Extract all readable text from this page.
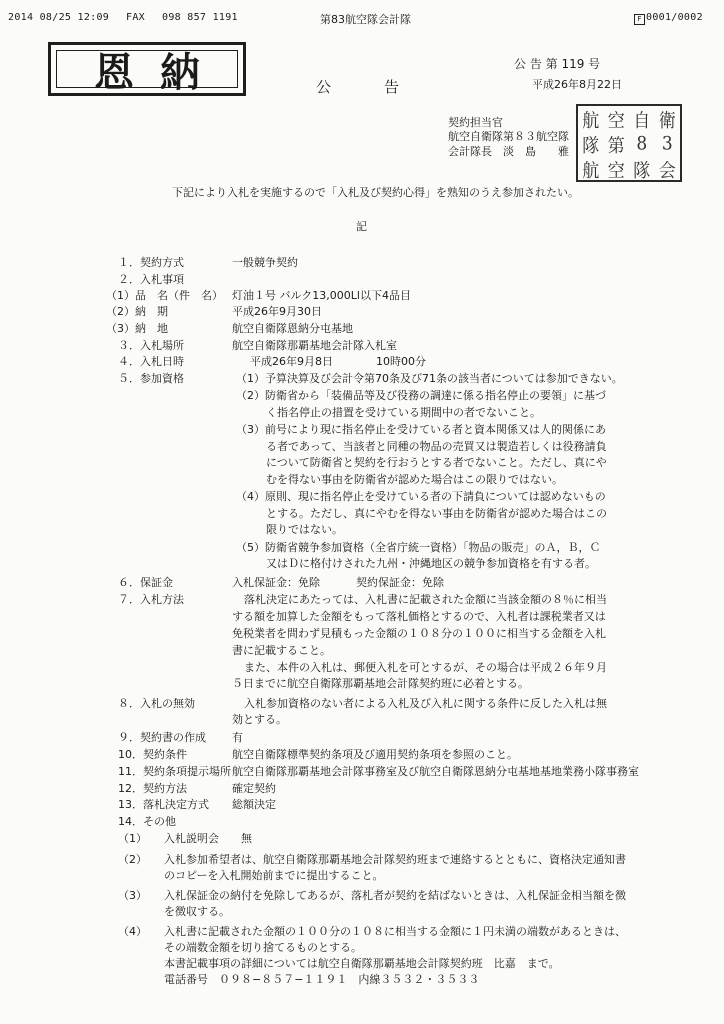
2014 08/25 12:09 FAX 098 857 1191	第83航空隊会計隊	F 0001/0002
恩納	公　　　告
公 告 第 119 号
平成26年8月22日
契約担当官
航空自衛隊第８３航空隊
会計隊長　淡　島　　雅
航 空 自 衛
隊 第 8 3
航 空 隊 会
下記により入札を実施するので「入札及び契約心得」を熟知のうえ参加されたい。
記
１．契約方式	一般競争契約
２．入札事項
（1）品　名（件　名） 灯油１号 バルク13,000Ll以下4品目
（2）納　期	平成26年9月30日
（3）納　地	航空自衛隊恩納分屯基地
３．入札場所	航空自衛隊那覇基地会計隊入札室
４．入札日時	平成26年9月8日	10時00分
５．参加資格	（1）予算決算及び会計令第70条及び71条の該当者については参加できない。
（2）防衛省から「装備品等及び役務の調達に係る指名停止の要領」に基づ
く指名停止の措置を受けている期間中の者でないこと。
（3）前号により現に指名停止を受けている者と資本関係又は人的関係にあ
る者であって、当該者と同種の物品の売買又は製造若しくは役務請負
について防衛省と契約を行おうとする者でないこと。ただし、真にや
むを得ない事由を防衛省が認めた場合はこの限りではない。
（4）原則、現に指名停止を受けている者の下請負については認めないもの
とする。ただし、真にやむを得ない事由を防衛省が認めた場合はこの
限りではない。
（5）防衛省競争参加資格（全省庁統一資格）「物品の販売」のＡ，Ｂ，Ｃ
又はＤに格付けされた九州・沖縄地区の競争参加資格を有する者。
６．保証金	入札保証金：免除	契約保証金：免除
７．入札方法	落札決定にあたっては、入札書に記載された金額に当該金額の８％に相当
する額を加算した金額をもって落札価格とするので、入札者は課税業者又は
免税業者を問わず見積もった金額の１０８分の１００に相当する金額を入札
書に記載すること。
また、本件の入札は、郵便入札を可とするが、その場合は平成２６年９月
５日までに航空自衛隊那覇基地会計隊契約班に必着とする。
８．入札の無効	入札参加資格のない者による入札及び入札に関する条件に反した入札は無
効とする。
９．契約書の作成 有
10．契約条件	航空自衛隊標準契約条項及び適用契約条項を参照のこと。
11．契約条項提示場所 航空自衛隊那覇基地会計隊事務室及び航空自衛隊恩納分屯基地基地業務小隊事務室
12．契約方法	確定契約
13．落札決定方式 総額決定
14．その他
（1） 入札説明会　　無
（2） 入札参加希望者は、航空自衛隊那覇基地会計隊契約班まで連絡するとともに、資格決定通知書
のコピーを入札開始前までに提出すること。
（3） 入札保証金の納付を免除してあるが、落札者が契約を結ばないときは、入札保証金相当額を徴
を徴収する。
（4） 入札書に記載された金額の１００分の１０８に相当する金額に１円未満の端数があるときは、
その端数金額を切り捨てるものとする。
本書記載事項の詳細については航空自衛隊那覇基地会計隊契約班　比嘉　まで。
電話番号　０９８−８５７−１１９１　内線３５３２・３５３３
